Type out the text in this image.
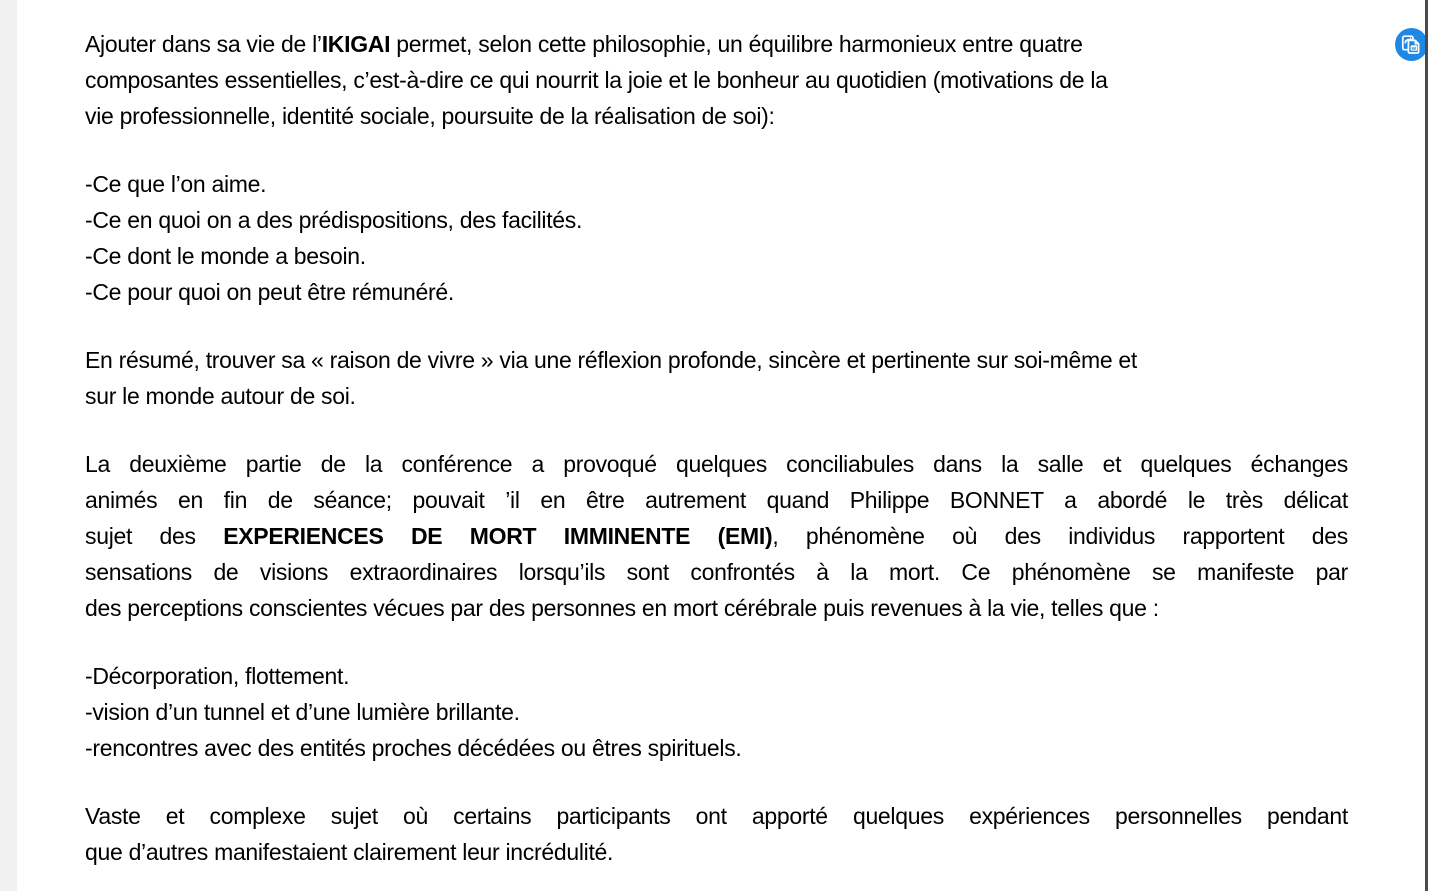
Ajouter dans sa vie de l’IKIGAI permet, selon cette philosophie, un équilibre harmonieux entre quatre
composantes essentielles, c’est-à-dire ce qui nourrit la joie et le bonheur au quotidien (motivations de la
vie professionnelle, identité sociale, poursuite de la réalisation de soi):
-Ce que l’on aime.
-Ce en quoi on a des prédispositions, des facilités.
-Ce dont le monde a besoin.
-Ce pour quoi on peut être rémunéré.
En résumé, trouver sa « raison de vivre » via une réflexion profonde, sincère et pertinente sur soi-même et
sur le monde autour de soi.
La deuxième partie de la conférence a provoqué quelques conciliabules dans la salle et quelques échanges
animés en fin de séance; pouvait ’il en être autrement quand Philippe BONNET a abordé le très délicat
sujet des EXPERIENCES DE MORT IMMINENTE (EMI), phénomène où des individus rapportent des
sensations de visions extraordinaires lorsqu’ils sont confrontés à la mort. Ce phénomène se manifeste par
des perceptions conscientes vécues par des personnes en mort cérébrale puis revenues à la vie, telles que :
-Décorporation, flottement.
-vision d’un tunnel et d’une lumière brillante.
-rencontres avec des entités proches décédées ou êtres spirituels.
Vaste et complexe sujet où certains participants ont apporté quelques expériences personnelles pendant
que d’autres manifestaient clairement leur incrédulité.
w
